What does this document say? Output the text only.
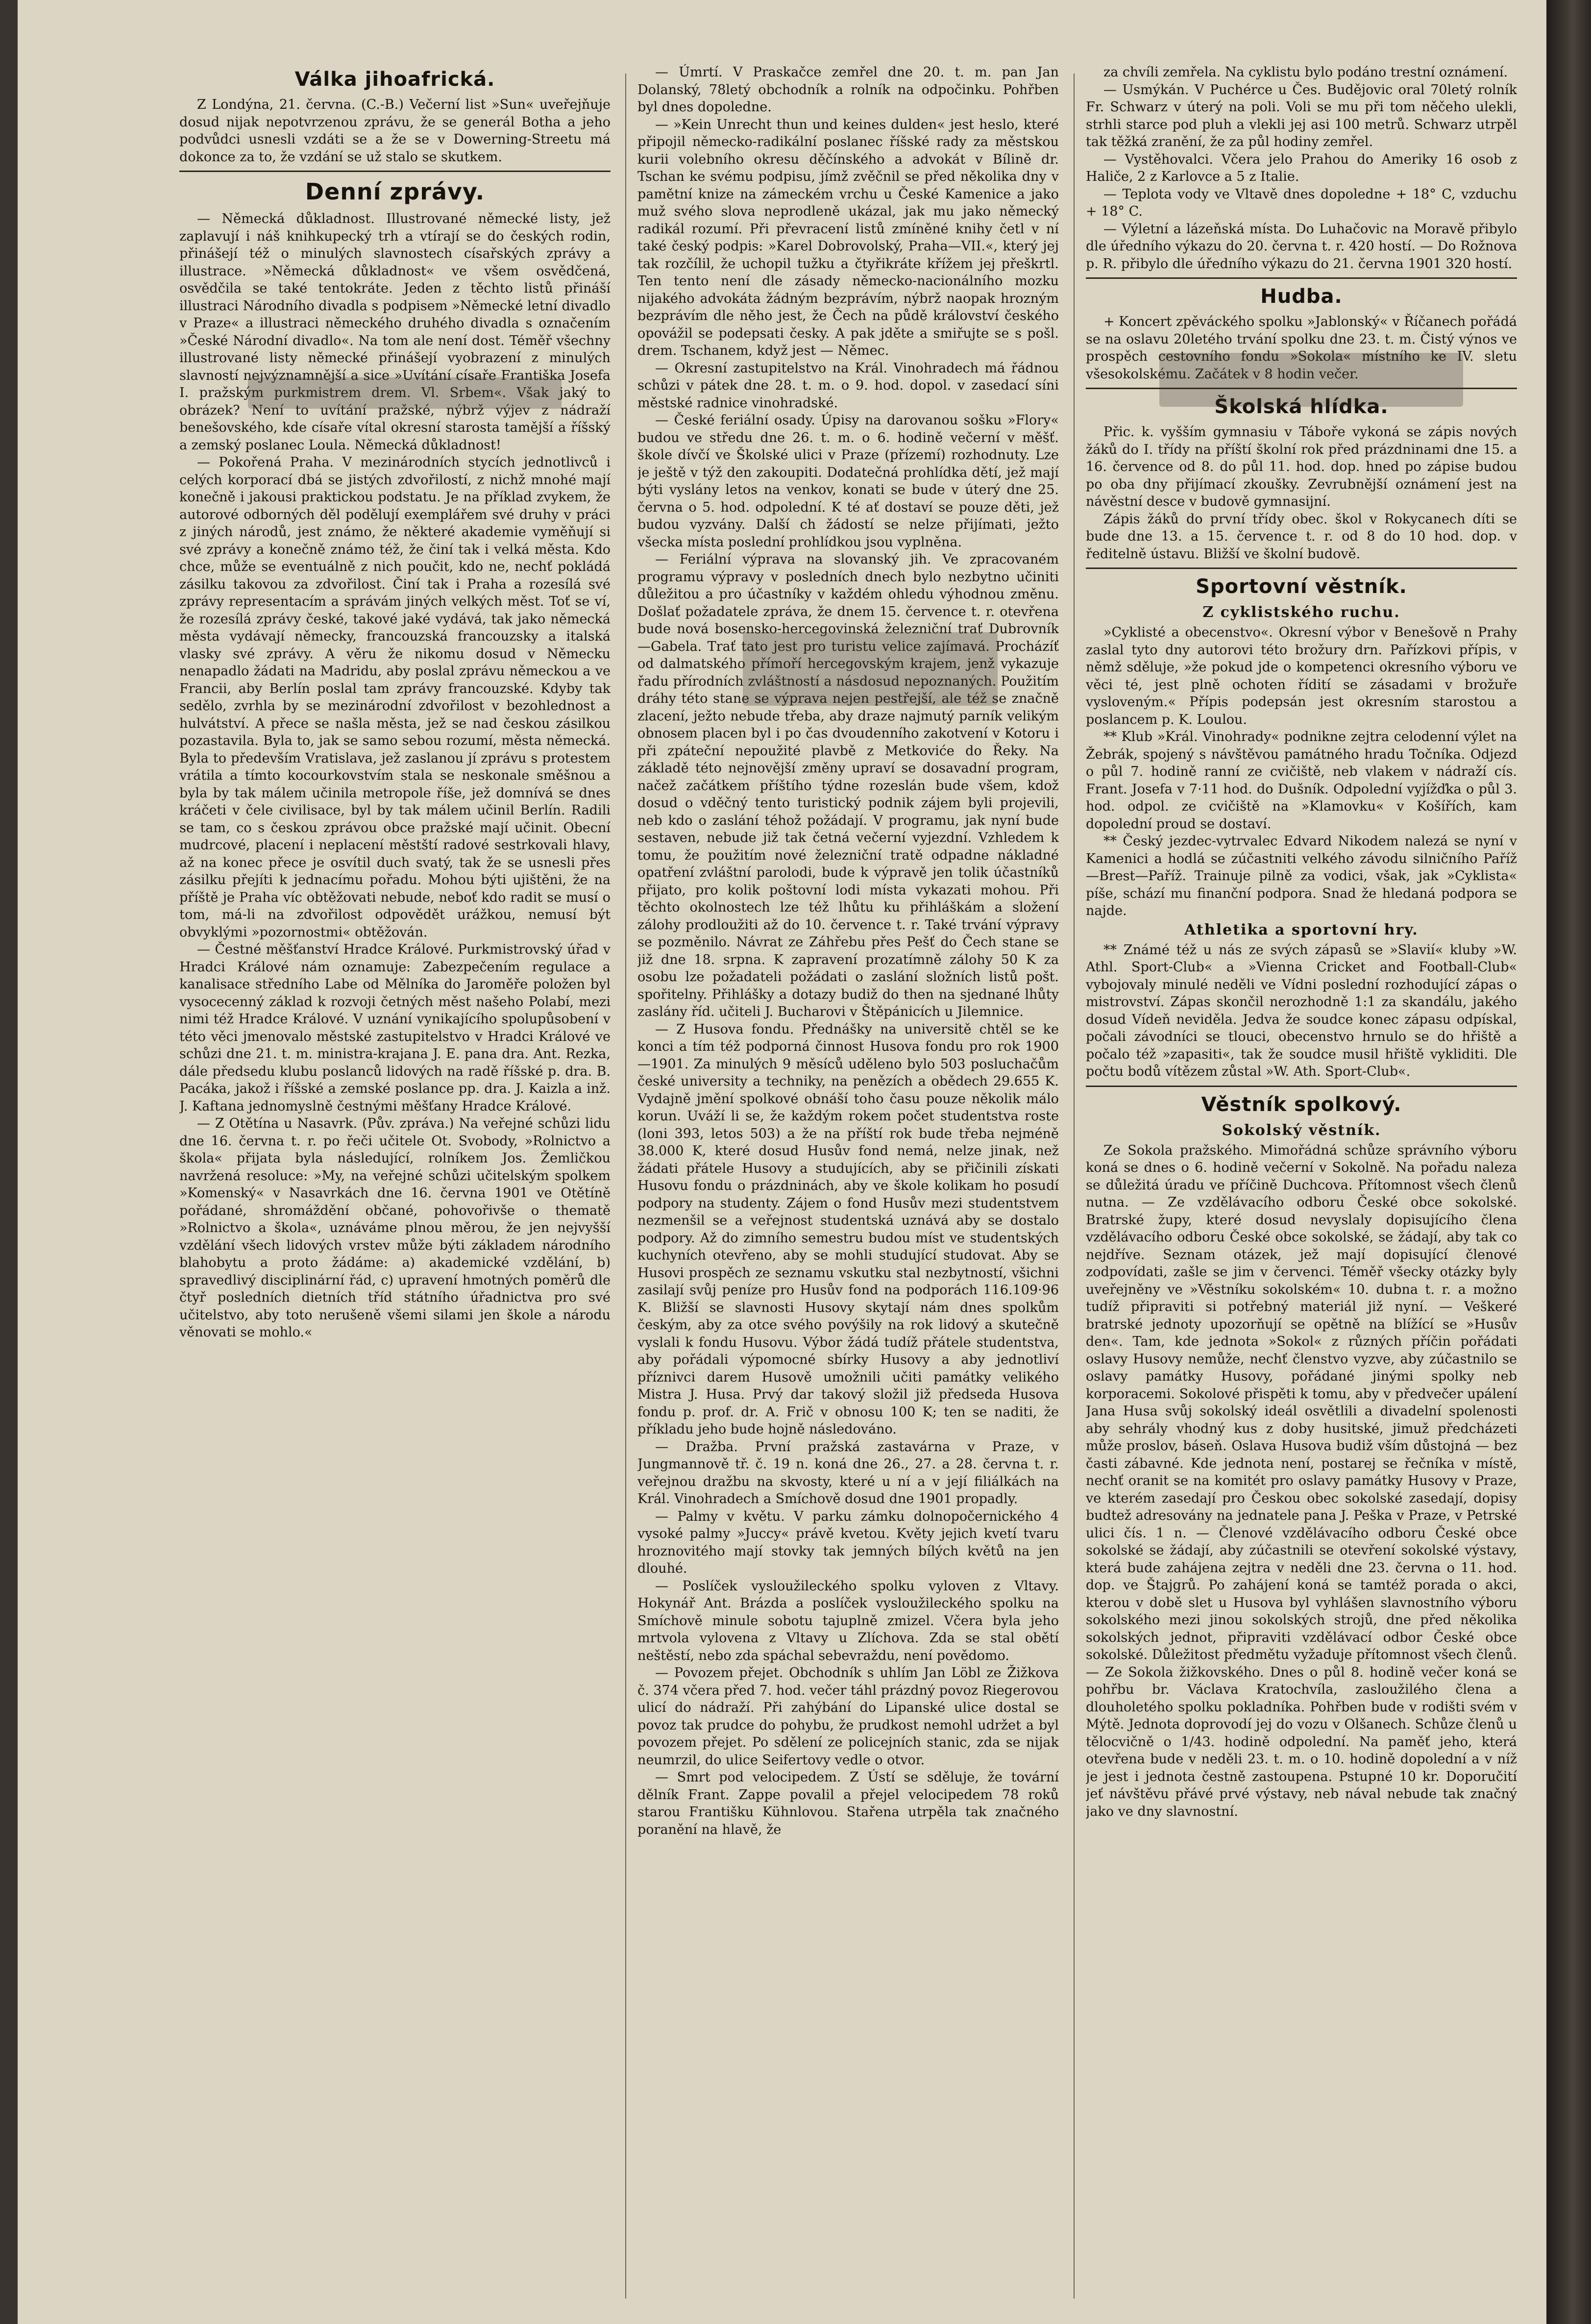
Válka jihoafrická.

Z Londýna, 21. června. (C.-B.) Večerní list »Sun« uveřejňuje dosud nijak nepotvrzenou zprávu, že se generál Botha a jeho podvůdci usnesli vzdáti se a že se v Dowerning-Streetu má dokonce za to, že vzdání se už stalo se skutkem.

Denní zprávy.

— Německá důkladnost. Illustrované německé listy, jež zaplavují i náš knihkupecký trh a vtírají se do českých rodin, přinášejí též o minulých slavnostech císařských zprávy a illustrace. »Německá důkladnost« ve všem osvědčená, osvědčila se také tentokráte. Jeden z těchto listů přináší illustraci Národního divadla s podpisem »Německé letní divadlo v Praze« a illustraci německého druhého divadla s označením »České Národní divadlo«. Na tom ale není dost. Téměř všechny illustrované listy německé přinášejí vyobrazení z minulých slavností nejvýznamnější a sice »Uvítání císaře Františka Josefa I. pražským purkmistrem drem. Vl. Srbem«. Však jaký to obrázek? Není to uvítání pražské, nýbrž výjev z nádraží benešovského, kde císaře vítal okresní starosta tamější a říšský a zemský poslanec Loula. Německá důkladnost!

— Pokořená Praha. V mezinárodních stycích jednotlivců i celých korporací dbá se jistých zdvořilostí, z nichž mnohé mají konečně i jakousi praktickou podstatu. Je na příklad zvykem, že autorové odborných děl podělují exemplářem své druhy v práci z jiných národů, jest známo, že některé akademie vyměňují si své zprávy a konečně známo též, že činí tak i velká města. Kdo chce, může se eventuálně z nich poučit, kdo ne, nechť pokládá zásilku takovou za zdvořilost. Činí tak i Praha a rozesílá své zprávy representacím a správám jiných velkých měst. Toť se ví, že rozesílá zprávy české, takové jaké vydává, tak jako německá města vydávají německy, francouzská francouzsky a italská vlasky své zprávy. A věru že nikomu dosud v Německu nenapadlo žádati na Madridu, aby poslal zprávu německou a ve Francii, aby Berlín poslal tam zprávy francouzské. Kdyby tak sedělo, zvrhla by se mezinárodní zdvořilost v bezohlednost a hulvátství. A přece se našla města, jež se nad českou zásilkou pozastavila. Byla to, jak se samo sebou rozumí, města německá. Byla to především Vratislava, jež zaslanou jí zprávu s protestem vrátila a tímto kocourkovstvím stala se neskonale směšnou a byla by tak málem učinila metropole říše, jež domnívá se dnes kráčeti v čele civilisace, byl by tak málem učinil Berlín. Radili se tam, co s českou zprávou obce pražské mají učinit. Obecní mudrcové, placení i neplacení městští radové sestrkovali hlavy, až na konec přece je osvítil duch svatý, tak že se usnesli přes zásilku přejíti k jednacímu pořadu. Mohou býti ujištěni, že na příště je Praha víc obtěžovati nebude, neboť kdo radit se musí o tom, má-li na zdvořilost odpovědět urážkou, nemusí být obvyklými »pozornostmi« obtěžován.

— Čestné měšťanství Hradce Králové. Purkmistrovský úřad v Hradci Králové nám oznamuje: Zabezpečením regulace a kanalisace středního Labe od Mělníka do Jaroměře položen byl vysocecenný základ k rozvoji četných měst našeho Polabí, mezi nimi též Hradce Králové. V uznání vynikajícího spolupůsobení v této věci jmenovalo městské zastupitelstvo v Hradci Králové ve schůzi dne 21. t. m. ministra-krajana J. E. pana dra. Ant. Rezka, dále předsedu klubu poslanců lidových na radě říšské p. dra. B. Pacáka, jakož i říšské a zemské poslance pp. dra. J. Kaizla a inž. J. Kaftana jednomyslně čestnými měšťany Hradce Králové.

— Z Otětína u Nasavrk. (Pův. zpráva.) Na veřejné schůzi lidu dne 16. června t. r. po řeči učitele Ot. Svobody, »Rolnictvo a škola« přijata byla následující, rolníkem Jos. Žemličkou navržená resoluce: »My, na veřejné schůzi učitelským spolkem »Komenský« v Nasavrkách dne 16. června 1901 ve Otětíně pořádané, shromáždění občané, pohovořivše o thematě »Rolnictvo a škola«, uznáváme plnou měrou, že jen nejvyšší vzdělání všech lidových vrstev může býti základem národního blahobytu a proto žádáme: a) akademické vzdělání, b) spravedlivý disciplinární řád, c) upravení hmotných poměrů dle čtyř posledních dietních tříd státního úřadnictva pro své učitelstvo, aby toto nerušeně všemi silami jen škole a národu věnovati se mohlo.«

— Úmrtí. V Praskačce zemřel dne 20. t. m. pan Jan Dolanský, 78letý obchodník a rolník na odpočinku. Pohřben byl dnes dopoledne.

— »Kein Unrecht thun und keines dulden« jest heslo, které připojil německo-radikální poslanec říšské rady za městskou kurii volebního okresu děčínského a advokát v Bílině dr. Tschan ke svému podpisu, jímž zvěčnil se před několika dny v pamětní knize na zámeckém vrchu u České Kamenice a jako muž svého slova neprodleně ukázal, jak mu jako německý radikál rozumí. Při převracení listů zmíněné knihy četl v ní také český podpis: »Karel Dobrovolský, Praha—VII.«, který jej tak rozčílil, že uchopil tužku a čtyřikráte křížem jej přeškrtl. Ten tento není dle zásady německo-nacionálního mozku nijakého advokáta žádným bezprávím, nýbrž naopak hrozným bezprávím dle něho jest, že Čech na půdě království českého opovážil se podepsati česky. A pak jděte a smiřujte se s pošl. drem. Tschanem, když jest — Němec.

— Okresní zastupitelstvo na Král. Vinohradech má řádnou schůzi v pátek dne 28. t. m. o 9. hod. dopol. v zasedací síni městské radnice vinohradské.

— České feriální osady. Úpisy na darovanou sošku »Flory« budou ve středu dne 26. t. m. o 6. hodině večerní v měšť. škole dívčí ve Školské ulici v Praze (přízemí) rozhodnuty. Lze je ještě v týž den zakoupiti. Dodatečná prohlídka dětí, jež mají býti vyslány letos na venkov, konati se bude v úterý dne 25. června o 5. hod. odpolední. K té ať dostaví se pouze děti, jež budou vyzvány. Další ch žádostí se nelze přijímati, ježto všecka místa poslední prohlídkou jsou vyplněna.

— Feriální výprava na slovanský jih. Ve zpracovaném programu výpravy v posledních dnech bylo nezbytno učiniti důležitou a pro účastníky v každém ohledu výhodnou změnu. Došlať požadatele zprávа, že dnem 15. července t. r. otevřena bude nová bosensko-hercegovinská železniční trať Dubrovník—Gabela. Trať tato jest pro turistu velice zajímavá. Procházíť od dalmatského přímoří hercegovským krajem, jenž vykazuje řadu přírodních zvláštností a násdosud nepoznaných. Použitím dráhy této stane se výprava nejen pestřejší, ale též se značně zlacení, ježto nebude třeba, aby draze najmutý parník velikým obnosem placen byl i po čas dvoudenního zakotvení v Kotoru i při zpáteční nepoužité plavbě z Metkoviće do Řeky. Na základě této nejnovější změny upraví se dosavadní program, načež začátkem příštího týdne rozeslán bude všem, kdož dosud o vděčný tento turistický podnik zájem byli projevili, neb kdo o zaslání téhož požádají. V programu, jak nyní bude sestaven, nebude již tak četná večerní vyjezdní. Vzhledem k tomu, že použitím nové železniční tratě odpadne nákladné opatření zvláštní parolodi, bude k výpravě jen tolik účastníků přijato, pro kolik poštovní lodi místa vykazati mohou. Při těchto okolnostech lze též lhůtu ku přihláškám a složení zálohy prodloužiti až do 10. července t. r. Také trvání výpravy se pozměnilo. Návrat ze Záhřebu přes Pešť do Čech stane se již dne 18. srpna. K zapravení prozatímně zálohy 50 K za osobu lze požadateli požádati o zaslání složních listů pošt. spořitelny. Přihlášky a dotazy budiž do then na sjednané lhůty zaslány říd. učiteli J. Bucharovi v Štěpánicích u Jilemnice.

— Z Husova fondu. Přednášky na universitě chtěl se ke konci a tím též podporná činnost Husova fondu pro rok 1900—1901. Za minulých 9 měsíců uděleno bylo 503 posluchačům české university a techniky, na penězích a obědech 29.655 K. Vydajně jmění spolkové obnáší toho času pouze několik málo korun. Uváží li se, že každým rokem počet studentstva roste (loni 393, letos 503) a že na příští rok bude třeba nejméně 38.000 K, které dosud Husův fond nemá, nelze jinak, než žádati přátele Husovy a studujících, aby se přičinili získati Husovu fondu o prázdninách, aby ve škole kolikam ho posudí podpory na studenty. Zájem o fond Husův mezi studentstvem nezmenšil se a veřejnost studentská uznává aby se dostalo podpory. Až do zimního semestru budou míst ve studentských kuchyních otevřeno, aby se mohli studující studovat. Aby se Husovi prospěch ze seznamu vskutku stal nezbytností, všichni zasilají svůj peníze pro Husův fond na podporách 116.109·96 K. Bližší se slavnosti Husovy skytají nám dnes spolkům českým, aby za otce svého povýšily na rok lidový a skutečně vyslali k fondu Husovu. Výbor žádá tudíž přátele studentstva, aby pořádali výpomocné sbírky Husovy a aby jednotliví příznivci darem Husově umožnili učiti památky velikého Mistra J. Husa. Prvý dar takový složil již předseda Husova fondu p. prof. dr. A. Frič v obnosu 100 K; ten se naditi, že příkladu jeho bude hojně následováno.

— Dražba. První pražská zastavárna v Praze, v Jungmannově tř. č. 19 n. koná dne 26., 27. a 28. června t. r. veřejnou dražbu na skvosty, které u ní a v její filiálkách na Král. Vinohradech a Smíchově dosud dne 1901 propadly.

— Palmy v květu. V parku zámku dolnopočernického 4 vysoké palmy »Juccy« právě kvetou. Květy jejich kvetí tvaru hroznovitého mají stovky tak jemných bílých květů na jen dlouhé.

— Poslíček vysloužileckého spolku vyloven z Vltavy. Hokynář Ant. Brázda a poslíček vysloužileckého spolku na Smíchově minule sobotu tajuplně zmizel. Včera byla jeho mrtvola vylovena z Vltavy u Zlíchova. Zda se stal obětí neštěstí, nebo zda spáchal sebevraždu, není povědomo.

— Povozem přejet. Obchodník s uhlím Jan Löbl ze Žižkova č. 374 včera před 7. hod. večer táhl prázdný povoz Riegerovou ulicí do nádraží. Při zahýbání do Lipanské ulice dostal se povoz tak prudce do pohybu, že prudkost nemohl udržet a byl povozem přejet. Po sdělení ze policejních stanic, zda se nijak neumrzil, do ulice Seifertovy vedle o otvor.

— Smrt pod velocipedem. Z Ústí se sděluje, že tovární dělník Frant. Zappe povalil a přejel velocipedem 78 roků starou Františku Kühnlovou. Stařena utrpěla tak značného poranění na hlavě, že

za chvíli zemřela. Na cyklistu bylo podáno trestní oznámení.

— Usmýkán. V Puchérce u Čes. Budějovic oral 70letý rolník Fr. Schwarz v úterý na poli. Voli se mu při tom něčeho ulekli, strhli starce pod pluh a vlekli jej asi 100 metrů. Schwarz utrpěl tak těžká zranění, že za půl hodiny zemřel.

— Vystěhovalci. Včera jelo Prahou do Ameriky 16 osob z Haliče, 2 z Karlovce a 5 z Italie.

— Teplota vody ve Vltavě dnes dopoledne + 18° C, vzduchu + 18° C.

— Výletní a lázeňská místa. Do Luhačovic na Moravě přibylo dle úředního výkazu do 20. června t. r. 420 hostí. — Do Rožnova p. R. přibylo dle úředního výkazu do 21. června 1901 320 hostí.

Hudba.

+ Koncert zpěváckého spolku »Jablonský« v Říčanech pořádá se na oslavu 20letého trvání spolku dne 23. t. m. Čistý výnos ve prospěch cestovního fondu »Sokola« místního ke IV. sletu všesokolskému. Začátek v 8 hodin večer.

Školská hlídka.

Přic. k. vyšším gymnasiu v Táboře vykoná se zápis nových žáků do I. třídy na příští školní rok před prázdninami dne 15. a 16. července od 8. do půl 11. hod. dop. hned po zápise budou po oba dny přijímací zkoušky. Zevrubnější oznámení jest na návěstní desce v budově gymnasijní.

Zápis žáků do první třídy obec. škol v Rokycanech díti se bude dne 13. a 15. července t. r. od 8 do 10 hod. dop. v ředitelně ústavu. Bližší ve školní budově.

Sportovní věstník.
Z cyklistského ruchu.

»Cyklisté a obecenstvo«. Okresní výbor v Benešově n Prahy zaslal tyto dny autorovi této brožury drn. Pařízkovi přípis, v němž sděluje, »že pokud jde o kompetenci okresního výboru ve věci té, jest plně ochoten řídití se zásadami v brožuře vysloveným.« Přípis podepsán jest okresním starostou a poslancem p. K. Loulou.

** Klub »Král. Vinohrady« podnikne zejtra celodenní výlet na Žebrák, spojený s návštěvou památného hradu Točníka. Odjezd o půl 7. hodině ranní ze cvičiště, neb vlakem v nádraží cís. Frant. Josefa v 7·11 hod. do Dušník. Odpolední vyjížďka o půl 3. hod. odpol. ze cvičiště na »Klamovku« v Košířích, kam dopolední proud se dostaví.

** Český jezdec-vytrvalec Edvard Nikodem nalezá se nyní v Kamenici a hodlá se zúčastniti velkého závodu silničního Paříž—Brest—Paříž. Trainuje pilně za vodici, však, jak »Cyklista« píše, schází mu finanční podpora. Snad že hledaná podpora se najde.

Athletika a sportovní hry.

** Známé též u nás ze svých zápasů se »Slavií« kluby »W. Athl. Sport-Club« a »Vienna Cricket and Football-Club« vybojovaly minulé neděli ve Vídni poslední rozhodující zápas o mistrovství. Zápas skončil nerozhodně 1:1 za skandálu, jakého dosud Vídeň neviděla. Jedva že soudce konec zápasu odpískal, počali závodníci se tlouci, obecenstvo hrnulo se do hřiště a počalo též »zapasiti«, tak že soudce musil hřiště vykliditi. Dle počtu bodů vítězem zůstal »W. Ath. Sport-Club«.

Věstník spolkový.
Sokolský věstník.

Ze Sokola pražského. Mimořádná schůze správního výboru koná se dnes o 6. hodině večerní v Sokolně. Na pořadu naleza se důležitá úradu ve příčině Duchcova. Přítomnost všech členů nutna. — Ze vzdělávacího odboru České obce sokolské. Bratrské župy, které dosud nevyslaly dopisujícího člena vzdělávacího odboru České obce sokolské, se žádají, aby tak co nejdříve. Seznam otázek, jež mají dopisující členové zodpovídati, zašle se jim v červenci. Téměř všecky otázky byly uveřejněny ve »Věstníku sokolském« 10. dubna t. r. a možno tudíž připraviti si potřebný materiál již nyní. — Veškeré bratrské jednoty upozorňují se opětně na blížící se »Husův den«. Tam, kde jednota »Sokol« z různých příčin pořádati oslavy Husovy nemůže, nechť členstvo vyzve, aby zúčastnilo se oslavy památky Husovy, pořádané jinými spolky neb korporacemi. Sokolové přispěti k tomu, aby v předvečer upálení Jana Husa svůj sokolský ideál osvětlili a divadelní spolenosti aby sehrály vhodný kus z doby husitské, jimuž předcházeti může proslov, báseň. Oslava Husova budiž vším důstojná — bez časti zábavné. Kde jednota není, postarej se řečníka v místě, nechť oranit se na komitét pro oslavy památky Husovy v Praze, ve kterém zasedají pro Českou obec sokolské zasedají, dopisy budtež adresovány na jednatele pana J. Peška v Praze, v Petrské ulici čís. 1 n. — Členové vzdělávacího odboru České obce sokolské se žádají, aby zúčastnili se otevření sokolské výstavy, která bude zahájena zejtra v neděli dne 23. června o 11. hod. dop. ve Štajgrů. Po zahájení koná se tamtéž porada o akci, kterou v době slet u Husova byl vyhlášen slavnostního výboru sokolského mezi jinou sokolských strojů, dne před několika sokolských jednot, připraviti vzdělávací odbor České obce sokolské. Důležitost předmětu vyžaduje přítomnost všech členů. — Ze Sokola žižkovského. Dnes o půl 8. hodině večer koná se pohřbu br. Václava Kratochvíla, zasloužilého člena a dlouholetého spolku pokladníka. Pohřben bude v rodišti svém v Mýtě. Jednota doprovodí jej do vozu v Olšanech. Schůze členů u tělocvičně o 1/43. hodině odpolední. Na paměť jeho, která otevřena bude v neděli 23. t. m. o 10. hodině dopolední a v níž je jest i jednota čestně zastoupena. Pstupné 10 kr. Doporučití jeť návštěvu přávé prvé výstavy, neb nával nebude tak značný jako ve dny slavnostní.
